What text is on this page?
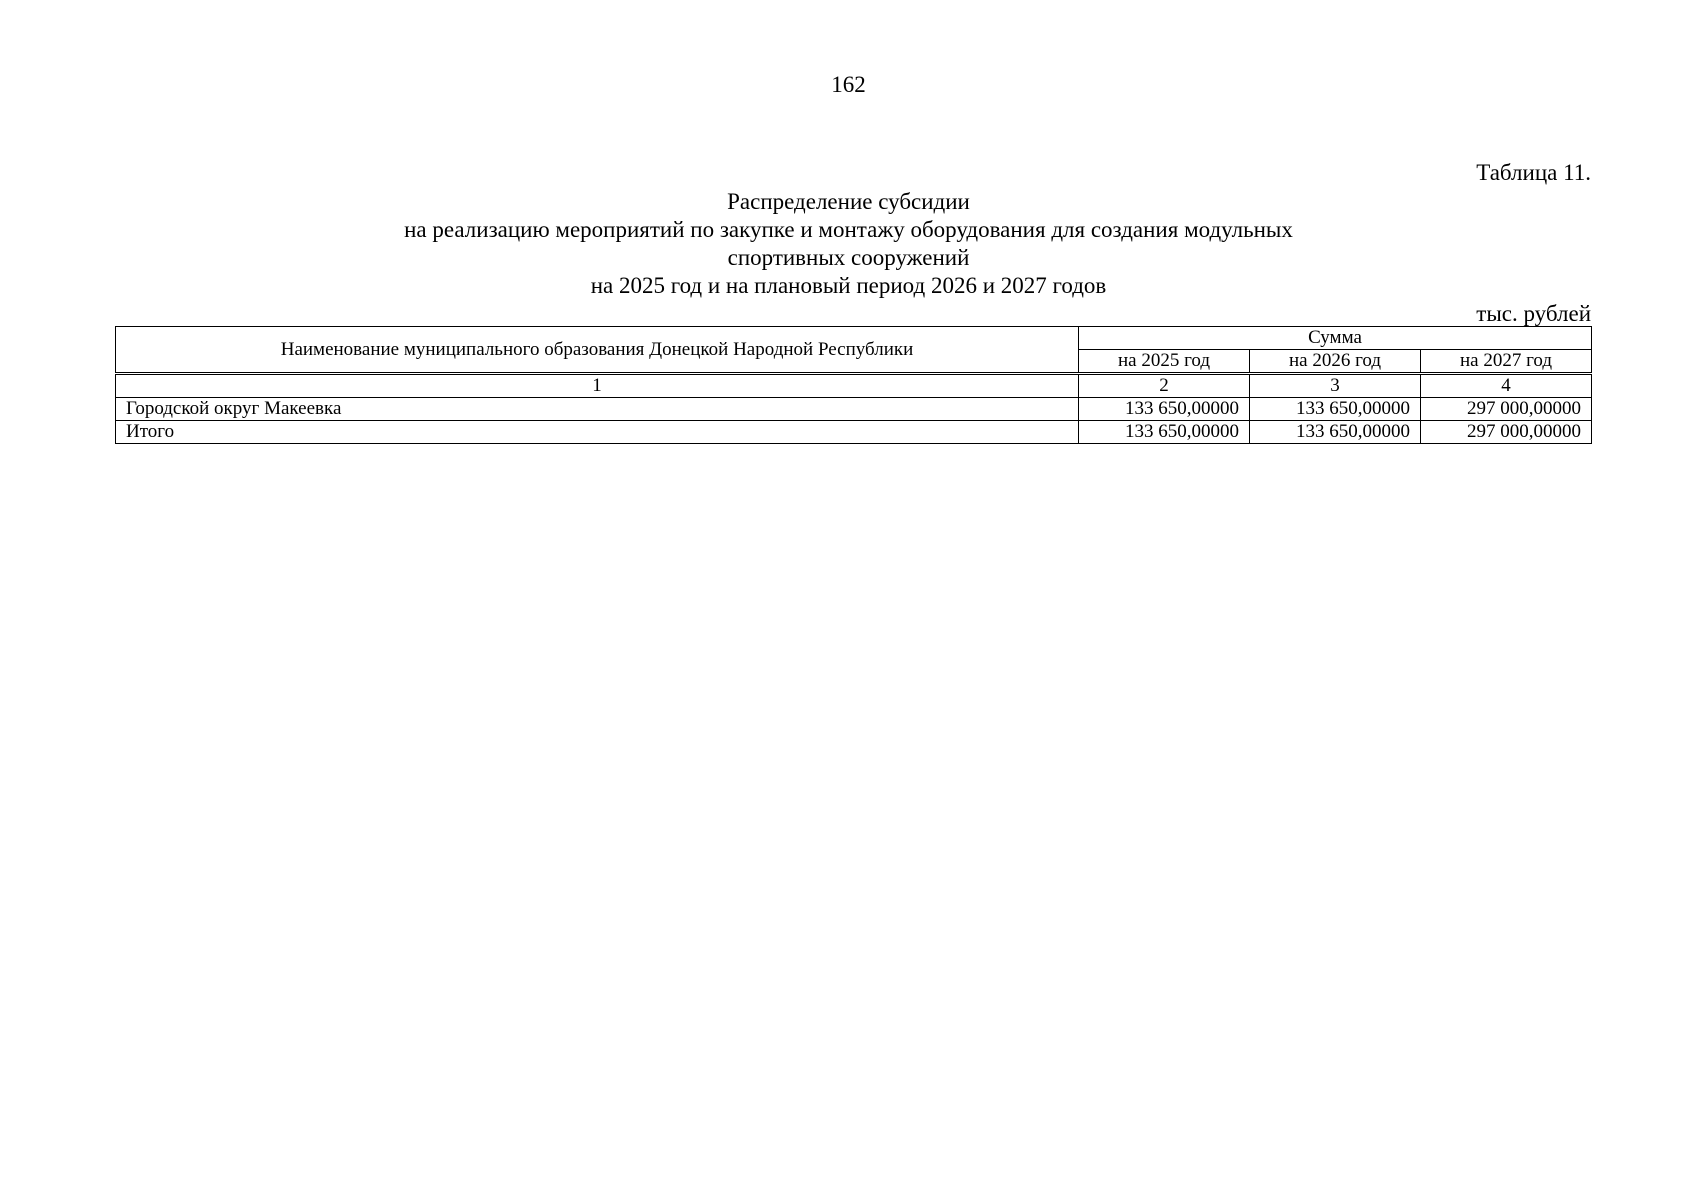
162
Таблица 11.
Распределение субсидии
на реализацию мероприятий по закупке и монтажу оборудования для создания модульных
спортивных сооружений
на 2025 год и на плановый период 2026 и 2027 годов
тыс. рублей
Наименование муниципального образования Донецкой Народной Республики	Сумма		
	на 2025 год	на 2026 год	на 2027 год
1	2	3	4
Городской округ Макеевка	133 650,00000	133 650,00000	297 000,00000
Итого	133 650,00000	133 650,00000	297 000,00000
